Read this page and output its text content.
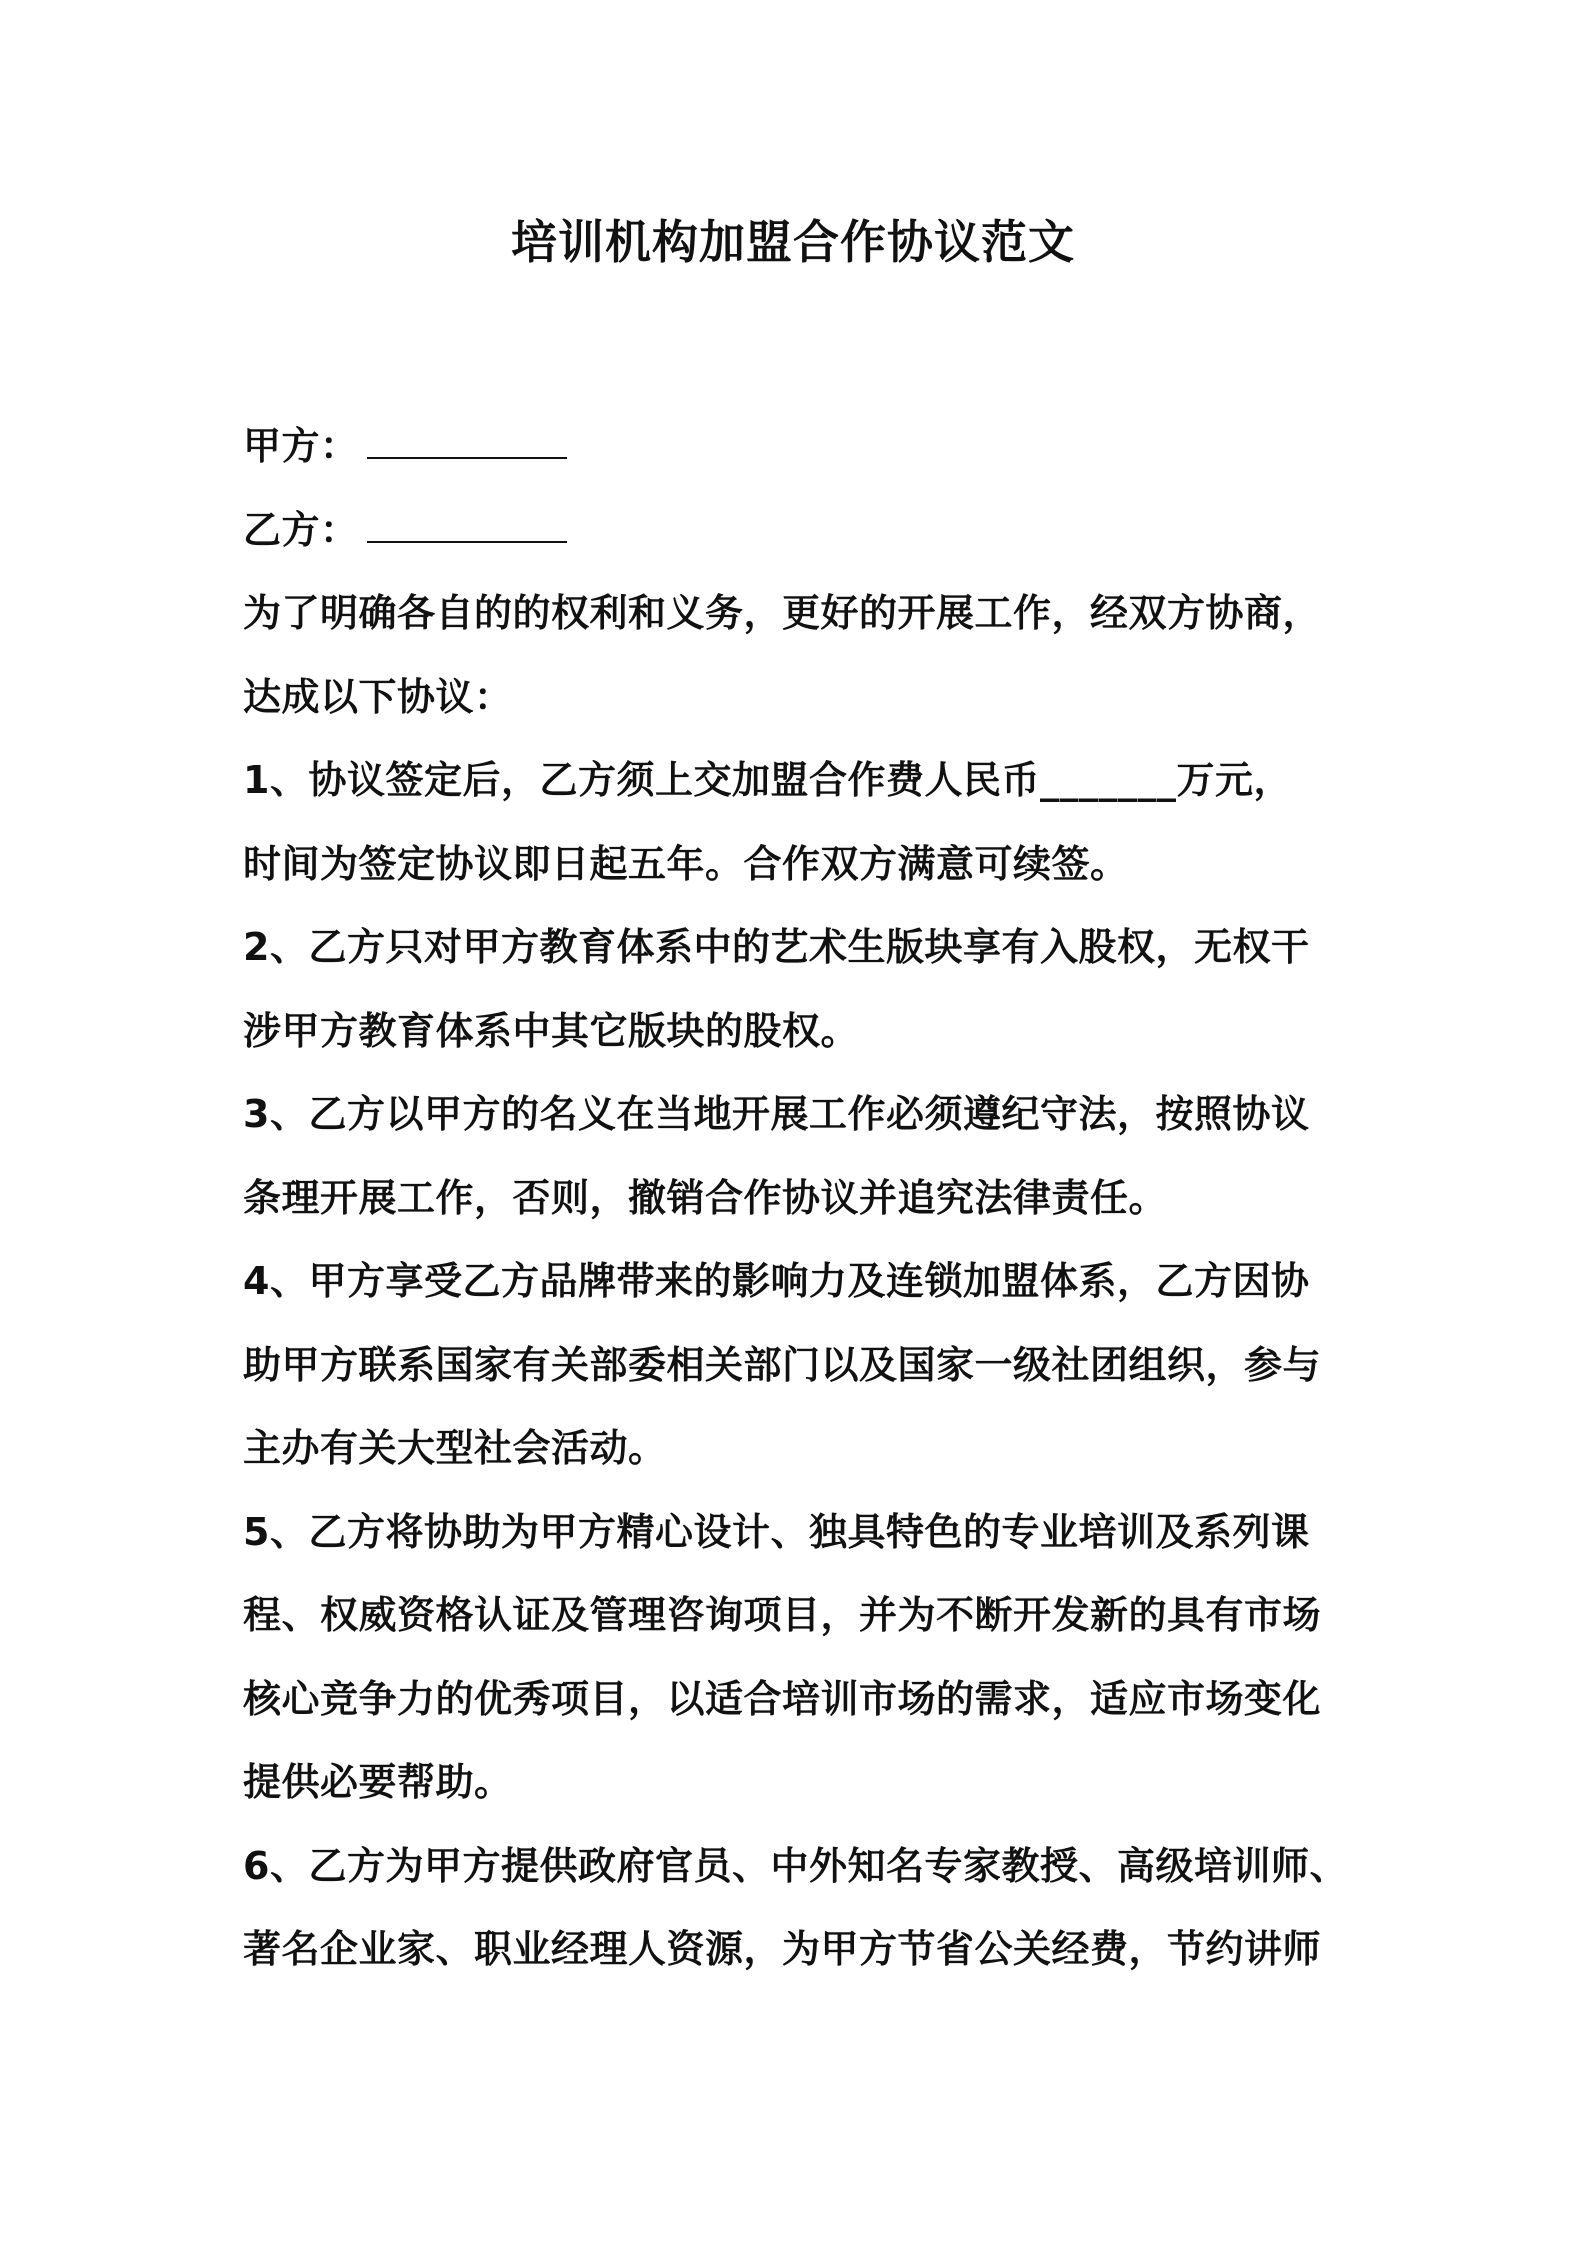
培训机构加盟合作协议范文
甲方：
乙方：
为了明确各自的的权利和义务，更好的开展工作，经双方协商，
达成以下协议：
1、协议签定后，乙方须上交加盟合作费人民币_______万元，
时间为签定协议即日起五年。合作双方满意可续签。
2、乙方只对甲方教育体系中的艺术生版块享有入股权，无权干
涉甲方教育体系中其它版块的股权。
3、乙方以甲方的名义在当地开展工作必须遵纪守法，按照协议
条理开展工作，否则，撤销合作协议并追究法律责任。
4、甲方享受乙方品牌带来的影响力及连锁加盟体系，乙方因协
助甲方联系国家有关部委相关部门以及国家一级社团组织，参与
主办有关大型社会活动。
5、乙方将协助为甲方精心设计、独具特色的专业培训及系列课
程、权威资格认证及管理咨询项目，并为不断开发新的具有市场
核心竞争力的优秀项目，以适合培训市场的需求，适应市场变化
提供必要帮助。
6、乙方为甲方提供政府官员、中外知名专家教授、高级培训师、
著名企业家、职业经理人资源，为甲方节省公关经费，节约讲师
